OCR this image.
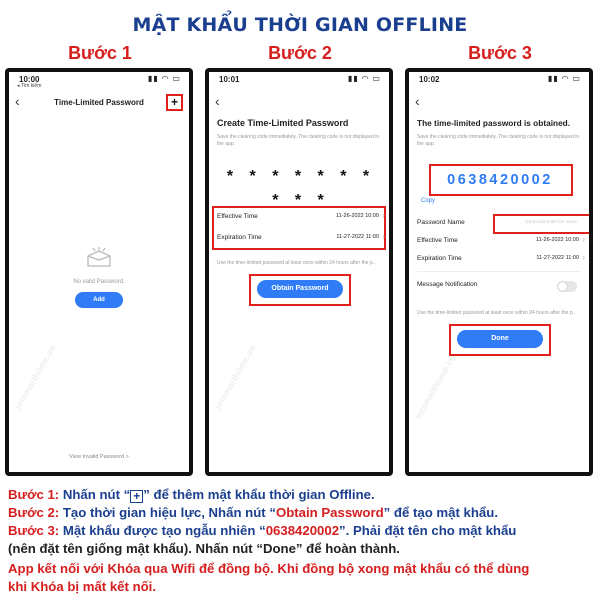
MẬT KHẨU THỜI GIAN OFFLINE
Bước 1	Bước 2	Bước 3
10:00
◂ Tìm kiếm
▮▮ ◠ ▭
‹	Time-Limited Password	+
No valid Password.
Add
View Invalid Password >
iotsmarthome.vn
10:01	▮▮ ◠ ▭
‹
Create Time-Limited Password
Save the clearing code immediately. The clearing code is not displayed in the app.
* * * * * * * * * *
Effective Time	11-26-2022 10:00 ›
Expiration Time	11-27-2022 11:00 ›
Use the time-limited password at least once within 24 hours after the p...
Obtain Password
iotsmarthome.vn
10:02	▮▮ ◠ ▭
‹
The time-limited password is obtained.
Save the clearing code immediately. The clearing code is not displayed in the app.
0638420002
Copy
Password Name	(Optional) Enter the name
Effective Time	11-26-2022 10:00 ›
Expiration Time	11-27-2022 11:00 ›
Message Notification
Use the time-limited password at least once within 24 hours after the p...
Done
iotsmarthome.vn
Bước 1: Nhấn nút “ + ” để thêm mật khẩu thời gian Offline.
Bước 2: Tạo thời gian hiệu lực, Nhấn nút “Obtain Password” để tạo mật khẩu.
Bước 3: Mật khẩu được tạo ngẫu nhiên “0638420002”. Phải đặt tên cho mật khẩu
(nên đặt tên giống mật khẩu). Nhấn nút “Done” để hoàn thành.
App kết nối với Khóa qua Wifi để đồng bộ. Khi đồng bộ xong mật khẩu có thể dùng
khi Khóa bị mất kết nối.
